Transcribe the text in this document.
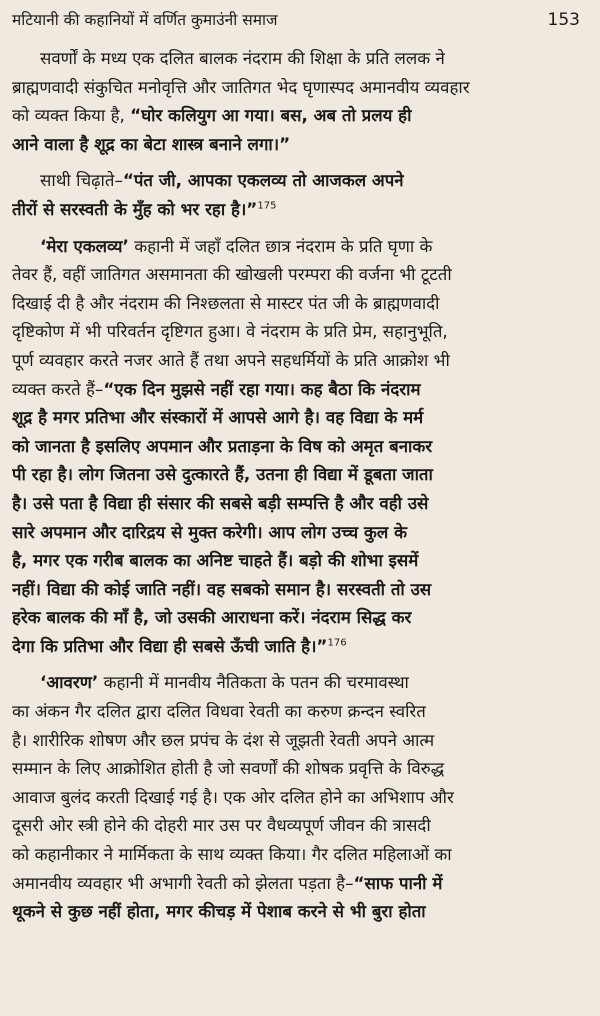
मटियानी की कहानियों में वर्णित कुमाउंनी समाज	153
सवर्णों के मध्य एक दलित बालक नंदराम की शिक्षा के प्रति ललक ने
ब्राह्मणवादी संकुचित मनोवृत्ति और जातिगत भेद घृणास्पद अमानवीय व्यवहार
को व्यक्त किया है, “घोर कलियुग आ गया। बस, अब तो प्रलय ही
आने वाला है शूद्र का बेटा शास्त्र बनाने लगा।”
साथी चिढ़ाते–“पंत जी, आपका एकलव्य तो आजकल अपने
तीरों से सरस्वती के मुँह को भर रहा है।”$^{175}$
‘मेरा एकलव्य’ कहानी में जहाँ दलित छात्र नंदराम के प्रति घृणा के
तेवर हैं, वहीं जातिगत असमानता की खोखली परम्परा की वर्जना भी टूटती
दिखाई दी है और नंदराम की निश्छलता से मास्टर पंत जी के ब्राह्मणवादी
दृष्टिकोण में भी परिवर्तन दृष्टिगत हुआ। वे नंदराम के प्रति प्रेम, सहानुभूति,
पूर्ण व्यवहार करते नजर आते हैं तथा अपने सहधर्मियों के प्रति आक्रोश भी
व्यक्त करते हैं–“एक दिन मुझसे नहीं रहा गया। कह बैठा कि नंदराम
शूद्र है मगर प्रतिभा और संस्कारों में आपसे आगे है। वह विद्या के मर्म
को जानता है इसलिए अपमान और प्रताड़ना के विष को अमृत बनाकर
पी रहा है। लोग जितना उसे दुत्कारते हैं, उतना ही विद्या में डूबता जाता
है। उसे पता है विद्या ही संसार की सबसे बड़ी सम्पत्ति है और वही उसे
सारे अपमान और दारिद्रय से मुक्त करेगी। आप लोग उच्च कुल के
है, मगर एक गरीब बालक का अनिष्ट चाहते हैं। बड़ो की शोभा इसमें
नहीं। विद्या की कोई जाति नहीं। वह सबको समान है। सरस्वती तो उस
हरेक बालक की माँ है, जो उसकी आराधना करें। नंदराम सिद्ध कर
देगा कि प्रतिभा और विद्या ही सबसे ऊँची जाति है।”$^{176}$
‘आवरण’ कहानी में मानवीय नैतिकता के पतन की चरमावस्था
का अंकन गैर दलित द्वारा दलित विधवा रेवती का करुण क्रन्दन स्वरित
है। शारीरिक शोषण और छल प्रपंच के दंश से जूझती रेवती अपने आत्म
सम्मान के लिए आक्रोशित होती है जो सवर्णों की शोषक प्रवृत्ति के विरुद्ध
आवाज बुलंद करती दिखाई गई है। एक ओर दलित होने का अभिशाप और
दूसरी ओर स्त्री होने की दोहरी मार उस पर वैधव्यपूर्ण जीवन की त्रासदी
को कहानीकार ने मार्मिकता के साथ व्यक्त किया। गैर दलित महिलाओं का
अमानवीय व्यवहार भी अभागी रेवती को झेलता पड़ता है–“साफ पानी में
थूकने से कुछ नहीं होता, मगर कीचड़ में पेशाब करने से भी बुरा होता
